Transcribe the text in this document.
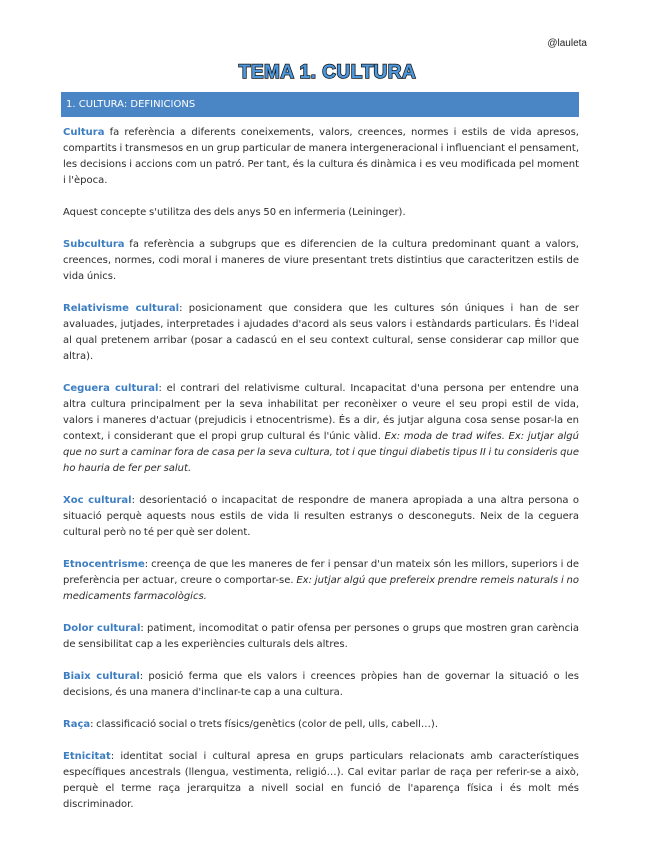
@lauleta
TEMA 1. CULTURA
1. CULTURA: DEFINICIONS

Cultura fa referència a diferents coneixements, valors, creences, normes i estils de vida apresos, compartits i transmesos en un grup particular de manera intergeneracional i influenciant el pensament, les decisions i accions com un patró. Per tant, és la cultura és dinàmica i es veu modificada pel moment i l'època.

Aquest concepte s'utilitza des dels anys 50 en infermeria (Leininger).

Subcultura fa referència a subgrups que es diferencien de la cultura predominant quant a valors, creences, normes, codi moral i maneres de viure presentant trets distintius que caracteritzen estils de vida únics.

Relativisme cultural: posicionament que considera que les cultures són úniques i han de ser avaluades, jutjades, interpretades i ajudades d'acord als seus valors i estàndards particulars. És l'ideal al qual pretenem arribar (posar a cadascú en el seu context cultural, sense considerar cap millor que altra).

Ceguera cultural: el contrari del relativisme cultural. Incapacitat d'una persona per entendre una altra cultura principalment per la seva inhabilitat per reconèixer o veure el seu propi estil de vida, valors i maneres d'actuar (prejudicis i etnocentrisme). És a dir, és jutjar alguna cosa sense posar-la en context, i considerant que el propi grup cultural és l'únic vàlid. Ex: moda de trad wifes. Ex: jutjar algú que no surt a caminar fora de casa per la seva cultura, tot i que tingui diabetis tipus II i tu consideris que ho hauria de fer per salut.

Xoc cultural: desorientació o incapacitat de respondre de manera apropiada a una altra persona o situació perquè aquests nous estils de vida li resulten estranys o desconeguts. Neix de la ceguera cultural però no té per què ser dolent.

Etnocentrisme: creença de que les maneres de fer i pensar d'un mateix són les millors, superiors i de preferència per actuar, creure o comportar-se. Ex: jutjar algú que prefereix prendre remeis naturals i no medicaments farmacològics.

Dolor cultural: patiment, incomoditat o patir ofensa per persones o grups que mostren gran carència de sensibilitat cap a les experiències culturals dels altres.

Biaix cultural: posició ferma que els valors i creences pròpies han de governar la situació o les decisions, és una manera d'inclinar-te cap a una cultura.

Raça: classificació social o trets físics/genètics (color de pell, ulls, cabell…).

Etnicitat: identitat social i cultural apresa en grups particulars relacionats amb característiques específiques ancestrals (llengua, vestimenta, religió…). Cal evitar parlar de raça per referir-se a això, perquè el terme raça jerarquitza a nivell social en funció de l'aparença física i és molt més discriminador.
